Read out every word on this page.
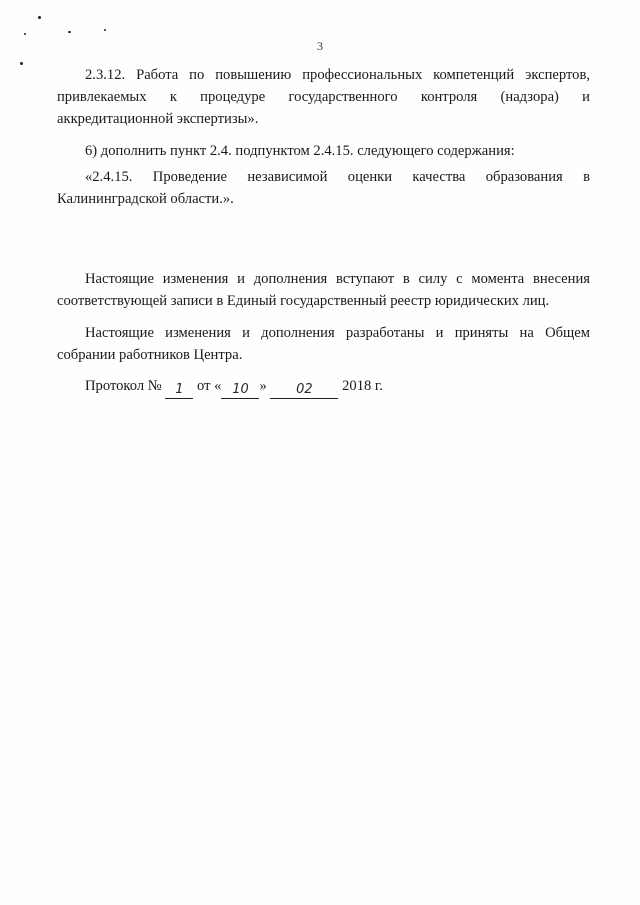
3

2.3.12. Работа по повышению профессиональных компетенций экспертов, привлекаемых к процедуре государственного контроля (надзора) и аккредитационной экспертизы».

6) дополнить пункт 2.4. подпунктом 2.4.15. следующего содержания:

«2.4.15. Проведение независимой оценки качества образования в Калининградской области.».

Настоящие изменения и дополнения вступают в силу с момента внесения соответствующей записи в Единый государственный реестр юридических лиц.

Настоящие изменения и дополнения разработаны и приняты на Общем собрании работников Центра.

Протокол № 1 от « 10 » 02 2018 г.
